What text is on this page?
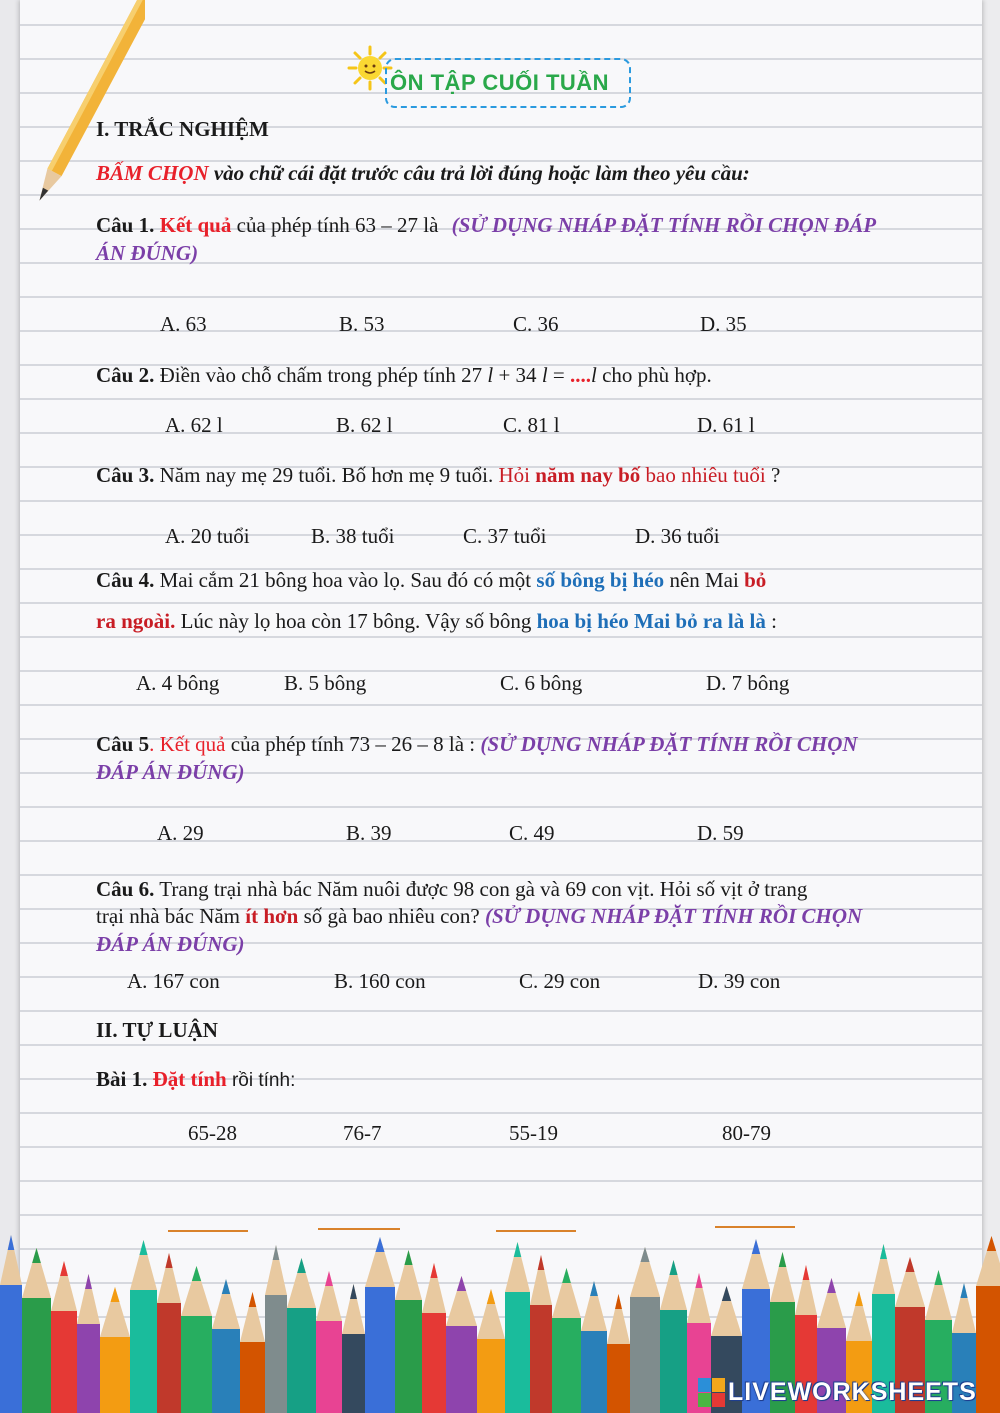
ÔN TẬP CUỐI TUẦN
I. TRẮC NGHIỆM
BẤM CHỌN vào chữ cái đặt trước câu trả lời đúng hoặc làm theo yêu cầu:
Câu 1. Kết quả của phép tính 63 – 27 là (SỬ DỤNG NHÁP ĐẶT TÍNH RỒI CHỌN ĐÁP
ÁN ĐÚNG)
A. 63	B. 53	C. 36	D. 35
Câu 2. Điền vào chỗ chấm trong phép tính 27 l + 34 l = ....l cho phù hợp.
A. 62 l	B. 62 l	C. 81 l	D. 61 l
Câu 3. Năm nay mẹ 29 tuổi. Bố hơn mẹ 9 tuổi. Hỏi năm nay bố bao nhiêu tuổi ?
A. 20 tuổi	B. 38 tuổi	C. 37 tuổi	D. 36 tuổi
Câu 4. Mai cắm 21 bông hoa vào lọ. Sau đó có một số bông bị héo nên Mai bỏ
ra ngoài. Lúc này lọ hoa còn 17 bông. Vậy số bông hoa bị héo Mai bỏ ra là là :
A. 4 bông	B. 5 bông	C. 6 bông	D. 7 bông
Câu 5. Kết quả của phép tính 73 – 26 – 8 là : (SỬ DỤNG NHÁP ĐẶT TÍNH RỒI CHỌN
ĐÁP ÁN ĐÚNG)
A. 29	B. 39	C. 49	D. 59
Câu 6. Trang trại nhà bác Năm nuôi được 98 con gà và 69 con vịt. Hỏi số vịt ở trang
trại nhà bác Năm ít hơn số gà bao nhiêu con? (SỬ DỤNG NHÁP ĐẶT TÍNH RỒI CHỌN
ĐÁP ÁN ĐÚNG)
A. 167 con	B. 160 con	C. 29 con	D. 39 con
II. TỰ LUẬN
Bài 1. Đặt tính rồi tính:
65-28	76-7	55-19	80-79
LIVEWORKSHEETS
